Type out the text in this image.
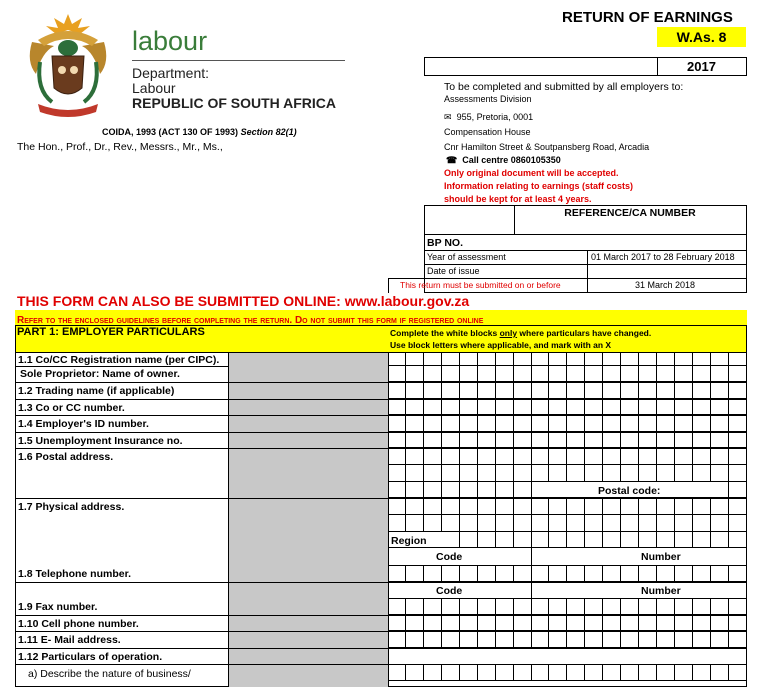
labour
Department:
Labour
REPUBLIC OF SOUTH AFRICA
COIDA, 1993 (ACT 130 OF 1993) Section 82(1)
The Hon., Prof., Dr., Rev., Messrs., Mr., Ms.,
RETURN OF EARNINGS
W.As. 8
2017
To be completed and submitted by all employers to:
Assessments Division
✉ 955, Pretoria, 0001
Compensation House
Cnr Hamilton Street & Soutpansberg Road, Arcadia
☎ Call centre 0860105350
Only original document will be accepted.
Information relating to earnings (staff costs)
should be kept for at least 4 years.
REFERENCE/CA NUMBER
BP NO.
Year of assessment	01 March 2017 to 28 February 2018
Date of issue
This return must be submitted on or before	31 March 2018
THIS FORM CAN ALSO BE SUBMITTED ONLINE: www.labour.gov.za
Refer to the enclosed guidelines before completing the return. Do not submit this form if registered online
PART 1: EMPLOYER PARTICULARS	Complete the white blocks only where particulars have changed.
Use block letters where applicable, and mark with an X
1.1 Co/CC Registration name (per CIPC).
Sole Proprietor: Name of owner.
1.2 Trading name (if applicable)
1.3 Co or CC number.
1.4 Employer's ID number.
1.5 Unemployment Insurance no.
1.6 Postal address.
Postal code:
1.7 Physical address.
Region
Code	Number
1.8 Telephone number.
Code	Number
1.9 Fax number.
1.10 Cell phone number.
1.11 E- Mail address.
1.12 Particulars of operation.
a) Describe the nature of business/
